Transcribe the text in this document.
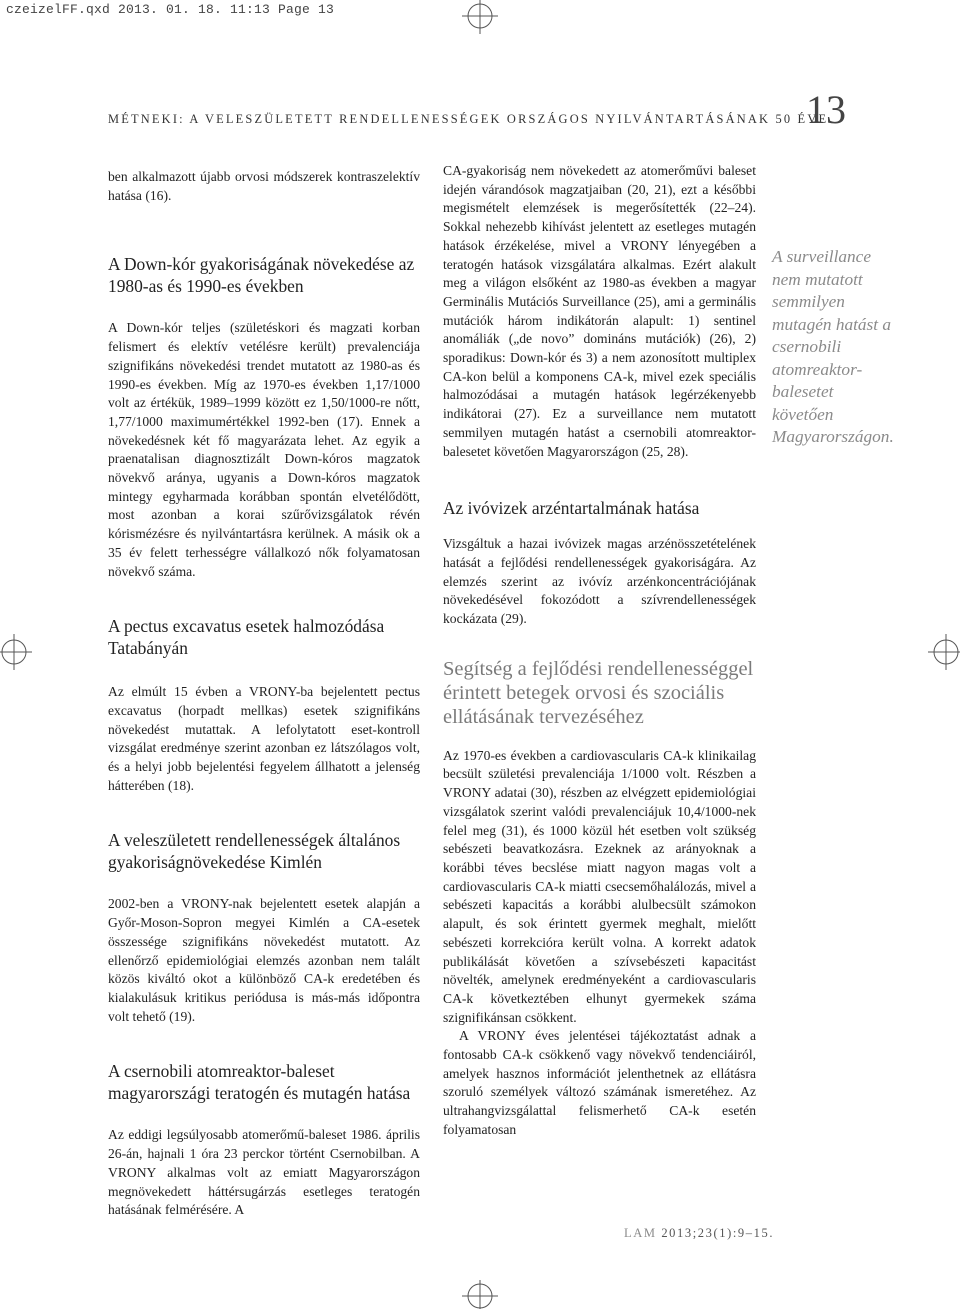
czeizelFF.qxd 2013. 01. 18. 11:13 Page 13
MÉTNEKI: A VELESZÜLETETT RENDELLENESSÉGEK ORSZÁGOS NYILVÁNTARTÁSÁNAK 50 ÉVE
13

ben alkalmazott újabb orvosi módszerek kontraszelektív hatása (16).

A Down-kór gyakoriságának növekedése az 1980-as és 1990-es években

A Down-kór teljes (születéskori és magzati korban felismert és elektív vetélésre került) prevalenciája szignifikáns növekedési trendet mutatott az 1980-as és 1990-es években. Míg az 1970-es években 1,17/1000 volt az értékük, 1989–1999 között ez 1,50/1000-re nőtt, 1,77/1000 maximumértékkel 1992-ben (17). Ennek a növekedésnek két fő magyarázata lehet. Az egyik a praenatalisan diagnosztizált Down-kóros magzatok növekvő aránya, ugyanis a Down-kóros magzatok mintegy egyharmada korábban spontán elvetélődött, most azonban a korai szűrővizsgálatok révén kórismézésre és nyilvántartásra kerülnek. A másik ok a 35 év felett terhességre vállalkozó nők folyamatosan növekvő száma.

A pectus excavatus esetek halmozódása Tatabányán

Az elmúlt 15 évben a VRONY-ba bejelentett pectus excavatus (horpadt mellkas) esetek szignifikáns növekedést mutattak. A lefolytatott eset-kontroll vizsgálat eredménye szerint azonban ez látszólagos volt, és a helyi jobb bejelentési fegyelem állhatott a jelenség hátterében (18).

A veleszületett rendellenességek általános gyakoriságnövekedése Kimlén

2002-ben a VRONY-nak bejelentett esetek alapján a Győr-Moson-Sopron megyei Kimlén a CA-esetek összessége szignifikáns növekedést mutatott. Az ellenőrző epidemiológiai elemzés azonban nem talált közös kiváltó okot a különböző CA-k eredetében és kialakulásuk kritikus periódusa is más-más időpontra volt tehető (19).

A csernobili atomreaktor-baleset magyarországi teratogén és mutagén hatása

Az eddigi legsúlyosabb atomerőmű-baleset 1986. április 26-án, hajnali 1 óra 23 perckor történt Csernobilban. A VRONY alkalmas volt az emiatt Magyarországon megnövekedett háttérsugárzás esetleges teratogén hatásának felmérésére. A

CA-gyakoriság nem növekedett az atomerőművi baleset idején várandósok magzatjaiban (20, 21), ezt a későbbi megismételt elemzések is megerősítették (22–24). Sokkal nehezebb kihívást jelentett az esetleges mutagén hatások érzékelése, mivel a VRONY lényegében a teratogén hatások vizsgálatára alkalmas. Ezért alakult meg a világon elsőként az 1980-as években a magyar Germinális Mutációs Surveillance (25), ami a germinális mutációk három indikátorán alapult: 1) sentinel anomáliák („de novo” domináns mutációk) (26), 2) sporadikus: Down-kór és 3) a nem azonosított multiplex CA-kon belül a komponens CA-k, mivel ezek speciális halmozódásai a mutagén hatások legérzékenyebb indikátorai (27). Ez a surveillance nem mutatott semmilyen mutagén hatást a csernobili atomreaktor-balesetet követően Magyarországon (25, 28).

Az ivóvizek arzéntartalmának hatása

Vizsgáltuk a hazai ivóvizek magas arzénösszetételének hatását a fejlődési rendellenességek gyakoriságára. Az elemzés szerint az ivóvíz arzénkoncentrációjának növekedésével fokozódott a szívrendellenességek kockázata (29).

Segítség a fejlődési rendellenességgel érintett betegek orvosi és szociális ellátásának tervezéséhez

Az 1970-es években a cardiovascularis CA-k klinikailag becsült születési prevalenciája 1/1000 volt. Részben a VRONY adatai (30), részben az elvégzett epidemiológiai vizsgálatok szerint valódi prevalenciájuk 10,4/1000-nek felel meg (31), és 1000 közül hét esetben volt szükség sebészeti beavatkozásra. Ezeknek az arányoknak a korábbi téves becslése miatt nagyon magas volt a cardiovascularis CA-k miatti csecsemőhalálozás, mivel a sebészeti kapacitás a korábbi alulbecsült számokon alapult, és sok érintett gyermek meghalt, mielőtt sebészeti korrekcióra került volna. A korrekt adatok publikálását követően a szívsebészeti kapacitást növelték, amelynek eredményeként a cardiovascularis CA-k következtében elhunyt gyermekek száma szignifikánsan csökkent.

A VRONY éves jelentései tájékoztatást adnak a fontosabb CA-k csökkenő vagy növekvő tendenciáiról, amelyek hasznos információt jelenthetnek az ellátásra szoruló személyek változó számának ismeretéhez. Az ultrahangvizsgálattal felismerhető CA-k esetén folyamatosan

A surveillance nem mutatott semmilyen mutagén hatást a csernobili atomreaktor-balesetet követően Magyarországon.
LAM 2013;23(1):9–15.
